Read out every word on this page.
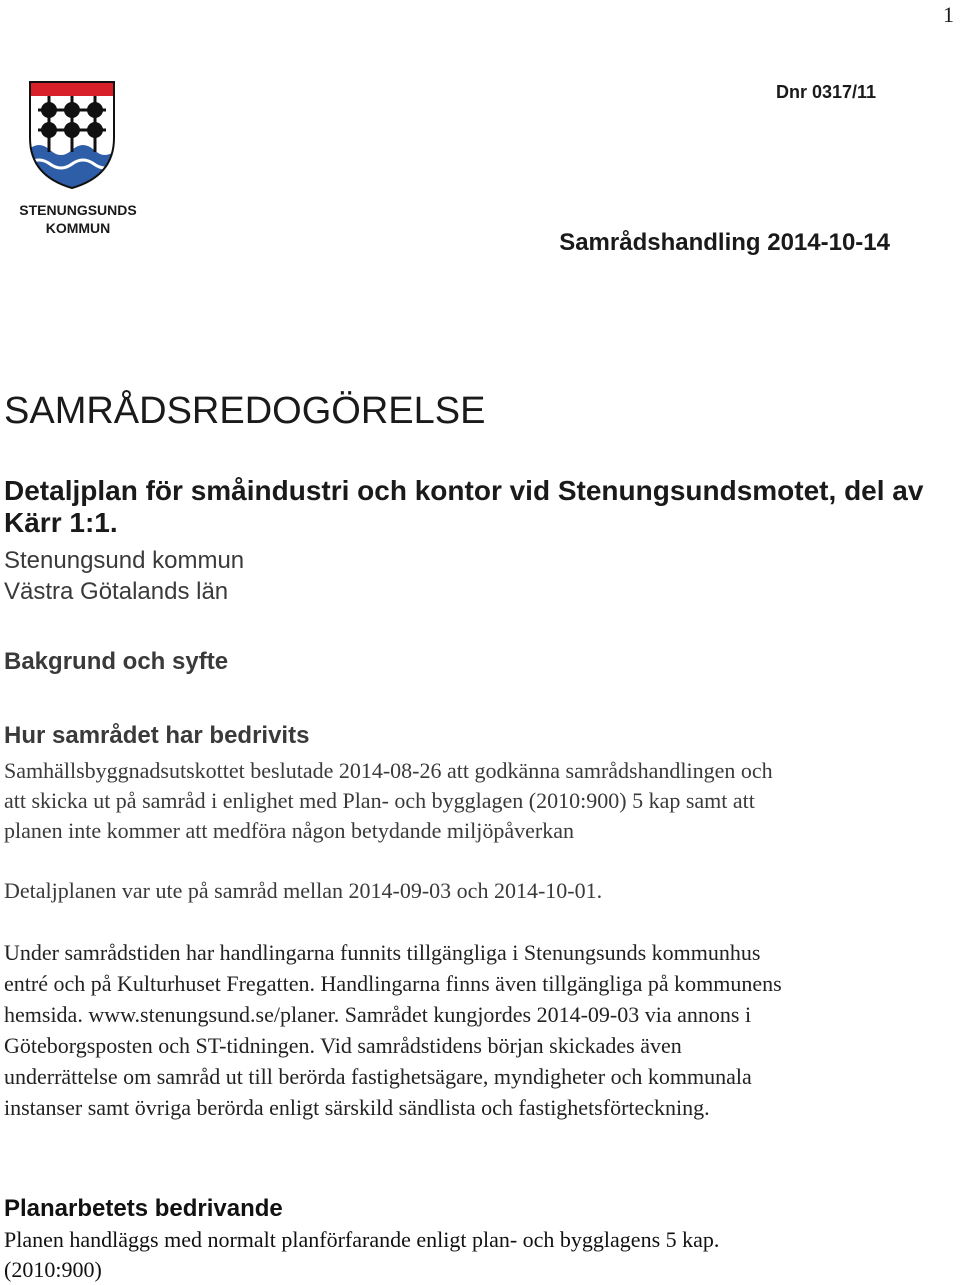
1
Dnr 0317/11
STENUNGSUNDS
KOMMUN
Samrådshandling 2014-10-14
SAMRÅDSREDOGÖRELSE
Detaljplan för småindustri och kontor vid Stenungsundsmotet, del av Kärr 1:1.
Stenungsund kommun
Västra Götalands län
Bakgrund och syfte
Hur samrådet har bedrivits
Samhällsbyggnadsutskottet beslutade 2014-08-26 att godkänna samrådshandlingen och
att skicka ut på samråd i enlighet med Plan- och bygglagen (2010:900) 5 kap samt att
planen inte kommer att medföra någon betydande miljöpåverkan
Detaljplanen var ute på samråd mellan 2014-09-03 och 2014-10-01.
Under samrådstiden har handlingarna funnits tillgängliga i Stenungsunds kommunhus
entré och på Kulturhuset Fregatten. Handlingarna finns även tillgängliga på kommunens
hemsida. www.stenungsund.se/planer. Samrådet kungjordes 2014-09-03 via annons i
Göteborgsposten och ST-tidningen. Vid samrådstidens början skickades även
underrättelse om samråd ut till berörda fastighetsägare, myndigheter och kommunala
instanser samt övriga berörda enligt särskild sändlista och fastighetsförteckning.
Planarbetets bedrivande
Planen handläggs med normalt planförfarande enligt plan- och bygglagens 5 kap.
(2010:900)
